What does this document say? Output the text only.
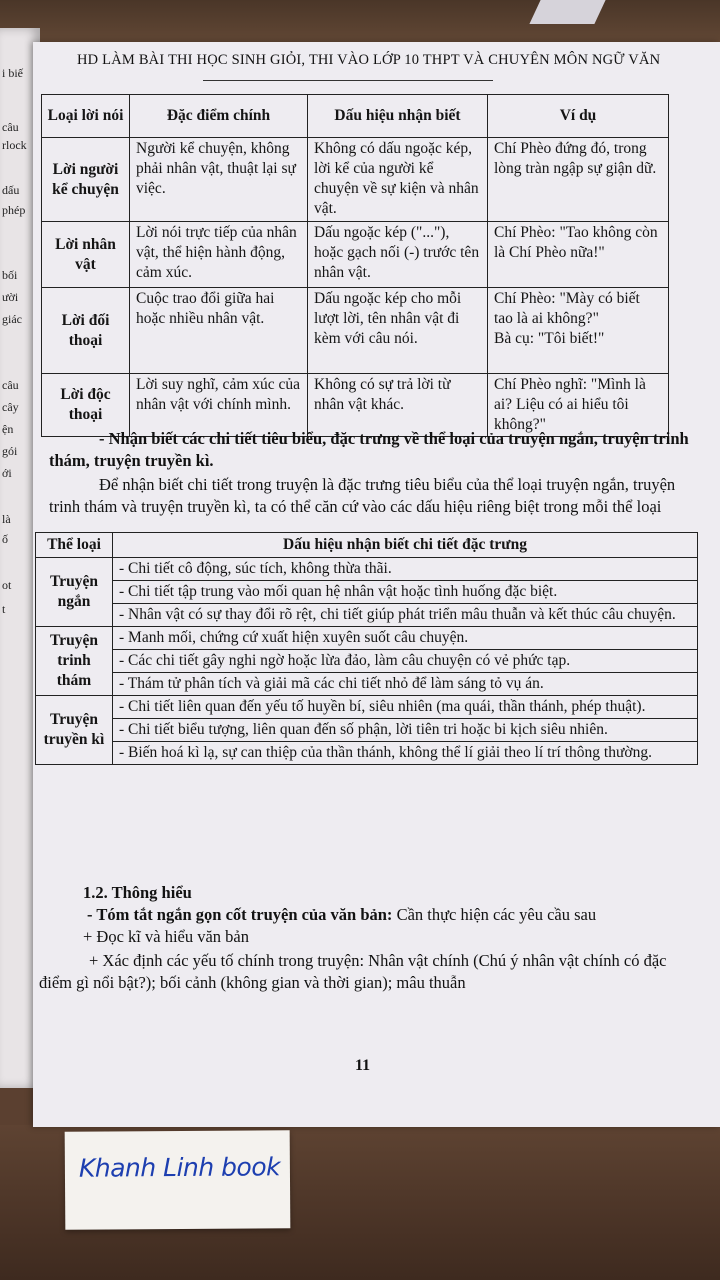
i biế
câu
rlock
dấu
phép
bối
ười
giác
câu
cây
ện
gói
ới
là
ố
ot
t
HD LÀM BÀI THI HỌC SINH GIỎI, THI VÀO LỚP 10 THPT VÀ CHUYÊN MÔN NGỮ VĂN
Loại lời nói	Đặc điểm chính	Dấu hiệu nhận biết	Ví dụ
Lời người kể chuyện	Người kể chuyện, không phải nhân vật, thuật lại sự việc.	Không có dấu ngoặc kép, lời kể của người kể chuyện về sự kiện và nhân vật.	Chí Phèo đứng đó, trong lòng tràn ngập sự giận dữ.
Lời nhân vật	Lời nói trực tiếp của nhân vật, thể hiện hành động, cảm xúc.	Dấu ngoặc kép ("..."), hoặc gạch nối (-) trước tên nhân vật.	Chí Phèo: "Tao không còn là Chí Phèo nữa!"
Lời đối thoại	Cuộc trao đổi giữa hai hoặc nhiều nhân vật.	Dấu ngoặc kép cho mỗi lượt lời, tên nhân vật đi kèm với câu nói.	Chí Phèo: "Mày có biết tao là ai không?"
Bà cụ: "Tôi biết!"

Lời độc thoại	Lời suy nghĩ, cảm xúc của nhân vật với chính mình.	Không có sự trả lời từ nhân vật khác.	Chí Phèo nghĩ: "Mình là ai? Liệu có ai hiểu tôi không?"
- Nhận biết các chi tiết tiêu biểu, đặc trưng về thể loại của truyện ngắn, truyện trinh thám, truyện truyền kì.
Để nhận biết chi tiết trong truyện là đặc trưng tiêu biểu của thể loại truyện ngắn, truyện trinh thám và truyện truyền kì, ta có thể căn cứ vào các dấu hiệu riêng biệt trong mỗi thể loại
Thể loại	Dấu hiệu nhận biết chi tiết đặc trưng
Truyện ngắn	- Chi tiết cô động, súc tích, không thừa thãi.
	- Chi tiết tập trung vào mối quan hệ nhân vật hoặc tình huống đặc biệt.
	- Nhân vật có sự thay đổi rõ rệt, chi tiết giúp phát triển mâu thuẫn và kết thúc câu chuyện.
Truyện trinh thám	- Manh mối, chứng cứ xuất hiện xuyên suốt câu chuyện.
	- Các chi tiết gây nghi ngờ hoặc lừa đảo, làm câu chuyện có vẻ phức tạp.
	- Thám tử phân tích và giải mã các chi tiết nhỏ để làm sáng tỏ vụ án.
Truyện truyền kì	- Chi tiết liên quan đến yếu tố huyền bí, siêu nhiên (ma quái, thần thánh, phép thuật).
	- Chi tiết biểu tượng, liên quan đến số phận, lời tiên tri hoặc bi kịch siêu nhiên.
	- Biến hoá kì lạ, sự can thiệp của thần thánh, không thể lí giải theo lí trí thông thường.
1.2. Thông hiểu
- Tóm tắt ngắn gọn cốt truyện của văn bản: Cần thực hiện các yêu cầu sau
+ Đọc kĩ và hiểu văn bản
+ Xác định các yếu tố chính trong truyện: Nhân vật chính (Chú ý nhân vật chính có đặc điểm gì nổi bật?); bối cảnh (không gian và thời gian); mâu thuẫn
11
Khanh Linh book
